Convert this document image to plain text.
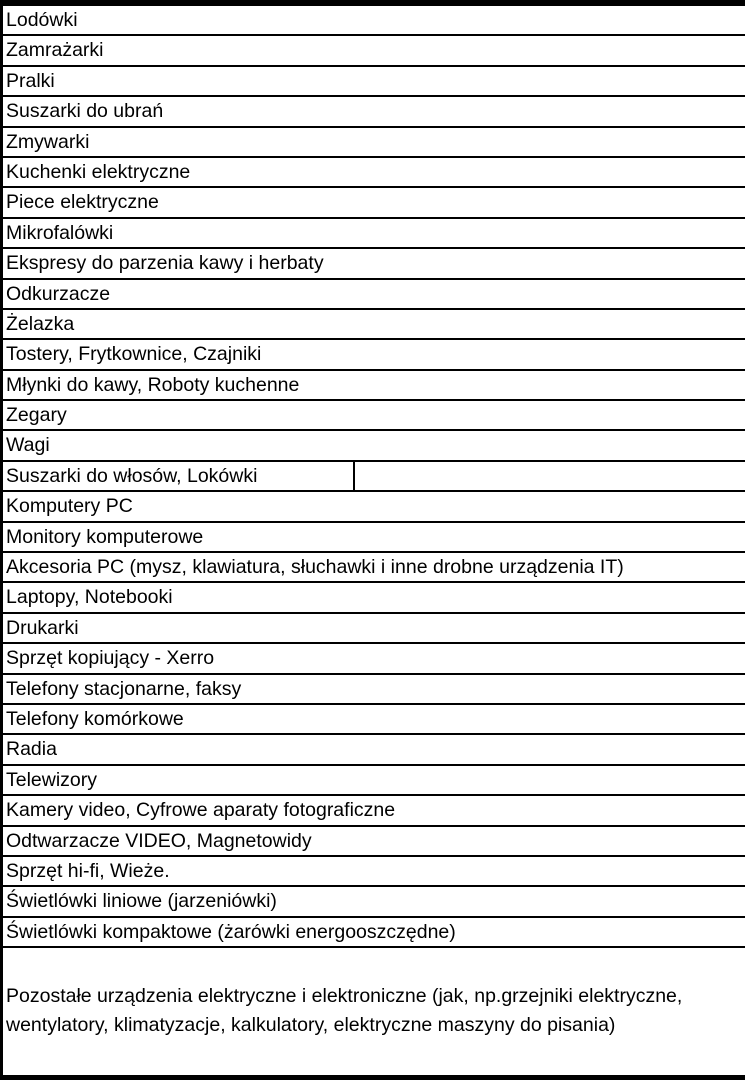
Lodówki
Zamrażarki
Pralki
Suszarki do ubrań
Zmywarki
Kuchenki elektryczne
Piece elektryczne
Mikrofalówki
Ekspresy do parzenia kawy i herbaty
Odkurzacze
Żelazka
Tostery, Frytkownice, Czajniki
Młynki do kawy, Roboty kuchenne
Zegary
Wagi
Suszarki do włosów, Lokówki
Komputery PC
Monitory komputerowe
Akcesoria PC (mysz, klawiatura, słuchawki i inne drobne urządzenia IT)
Laptopy, Notebooki
Drukarki
Sprzęt kopiujący - Xerro
Telefony stacjonarne, faksy
Telefony komórkowe
Radia
Telewizory
Kamery video, Cyfrowe aparaty fotograficzne
Odtwarzacze VIDEO, Magnetowidy
Sprzęt hi-fi, Wieże.
Świetlówki liniowe (jarzeniówki)
Świetlówki kompaktowe (żarówki energooszczędne)
Pozostałe urządzenia elektryczne i elektroniczne (jak, np.grzejniki elektryczne,
wentylatory, klimatyzacje, kalkulatory, elektryczne maszyny do pisania)
